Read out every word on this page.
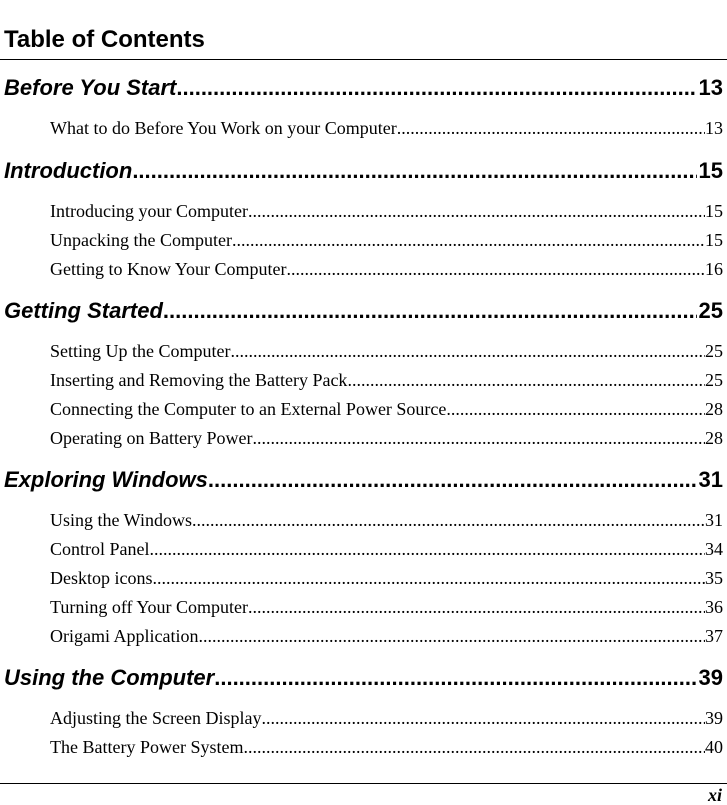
Table of Contents
Before You Start .....	13
What to do Before You Work on your Computer .....	13
Introduction .....	15
Introducing your Computer .....	15
Unpacking the Computer .....	15
Getting to Know Your Computer .....	16
Getting Started .....	25
Setting Up the Computer .....	25
Inserting and Removing the Battery Pack .....	25
Connecting the Computer to an External Power Source .....	28
Operating on Battery Power .....	28
Exploring Windows .....	31
Using the Windows .....	31
Control Panel .....	34
Desktop icons .....	35
Turning off Your Computer .....	36
Origami Application .....	37
Using the Computer .....	39
Adjusting the Screen Display .....	39
The Battery Power System .....	40
xi
